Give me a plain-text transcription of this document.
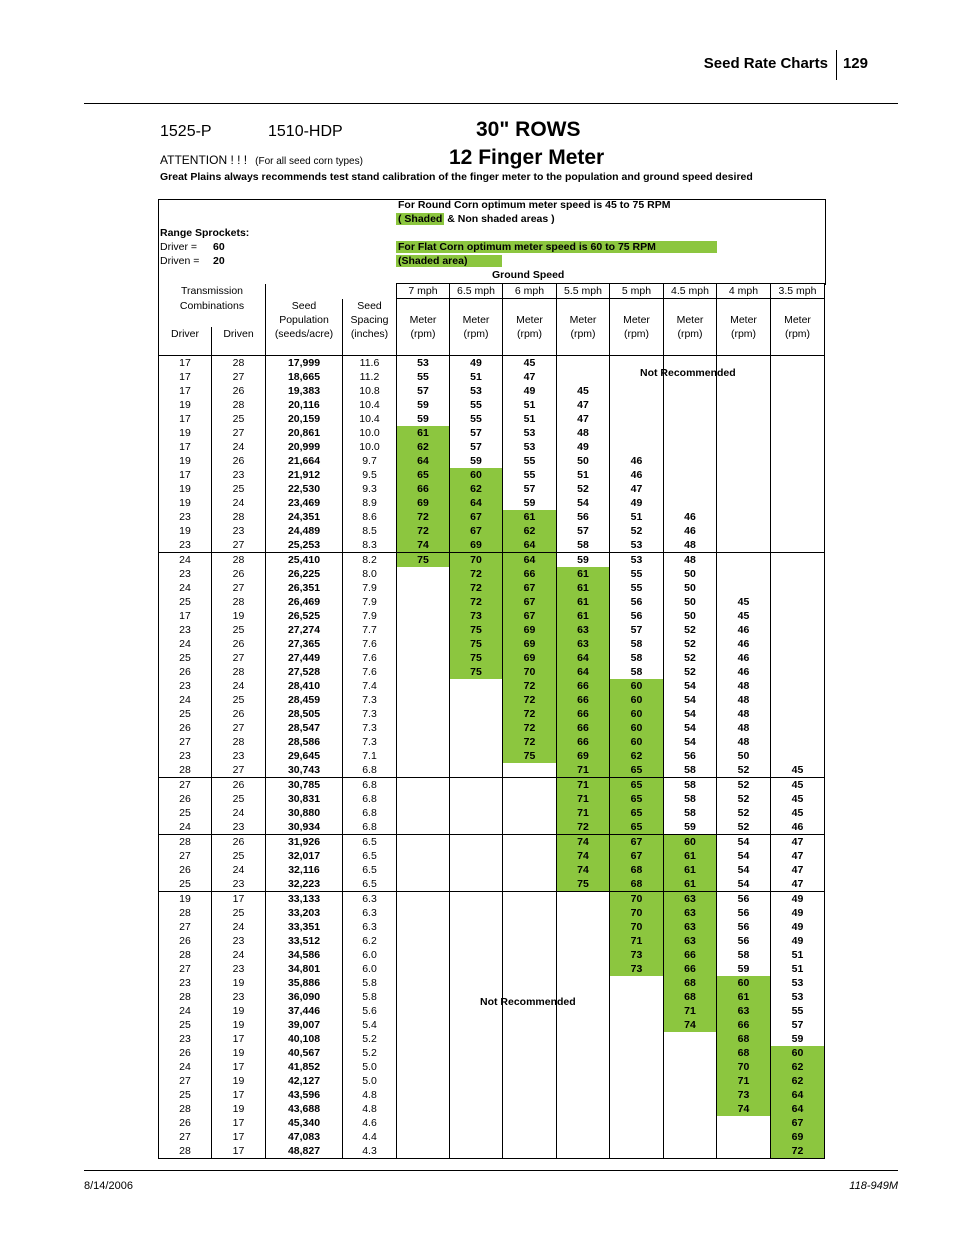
Seed Rate Charts 129
1525-P	1510-HDP	30" ROWS
12 Finger Meter
ATTENTION ! ! ! (For all seed corn types)
Great Plains always recommends test stand calibration of the finger meter to the population and ground speed desired
For Round Corn optimum meter speed is 45 to 75 RPM
( Shaded & Non shaded areas )
For Flat Corn optimum meter speed is 60 to 75 RPM
(Shaded area)
Range Sprockets:
Driver = 60
Driven = 20
Ground Speed
Transmission				7 mph	6.5 mph	6 mph	5.5 mph	5 mph	4.5 mph	4 mph	3.5 mph
Combinations		Seed	Seed								
		Population	Spacing	Meter	Meter	Meter	Meter	Meter	Meter	Meter	Meter
Driver	Driven	(seeds/acre)	(inches)	(rpm)	(rpm)	(rpm)	(rpm)	(rpm)	(rpm)	(rpm)	(rpm)

17	28	17,999	11.6	53	49	45					
17	27	18,665	11.2	55	51	47					
17	26	19,383	10.8	57	53	49	45				
19	28	20,116	10.4	59	55	51	47				
17	25	20,159	10.4	59	55	51	47				
19	27	20,861	10.0	61	57	53	48				
17	24	20,999	10.0	62	57	53	49				
19	26	21,664	9.7	64	59	55	50	46			
17	23	21,912	9.5	65	60	55	51	46			
19	25	22,530	9.3	66	62	57	52	47			
19	24	23,469	8.9	69	64	59	54	49			
23	28	24,351	8.6	72	67	61	56	51	46		
19	23	24,489	8.5	72	67	62	57	52	46		
23	27	25,253	8.3	74	69	64	58	53	48		
24	28	25,410	8.2	75	70	64	59	53	48		
23	26	26,225	8.0		72	66	61	55	50		
24	27	26,351	7.9		72	67	61	55	50		
25	28	26,469	7.9		72	67	61	56	50	45	
17	19	26,525	7.9		73	67	61	56	50	45	
23	25	27,274	7.7		75	69	63	57	52	46	
24	26	27,365	7.6		75	69	63	58	52	46	
25	27	27,449	7.6		75	69	64	58	52	46	
26	28	27,528	7.6		75	70	64	58	52	46	
23	24	28,410	7.4			72	66	60	54	48	
24	25	28,459	7.3			72	66	60	54	48	
25	26	28,505	7.3			72	66	60	54	48	
26	27	28,547	7.3			72	66	60	54	48	
27	28	28,586	7.3			72	66	60	54	48	
23	23	29,645	7.1			75	69	62	56	50	
28	27	30,743	6.8				71	65	58	52	45
27	26	30,785	6.8				71	65	58	52	45
26	25	30,831	6.8				71	65	58	52	45
25	24	30,880	6.8				71	65	58	52	45
24	23	30,934	6.8				72	65	59	52	46
28	26	31,926	6.5				74	67	60	54	47
27	25	32,017	6.5				74	67	61	54	47
26	24	32,116	6.5				74	68	61	54	47
25	23	32,223	6.5				75	68	61	54	47
19	17	33,133	6.3					70	63	56	49
28	25	33,203	6.3					70	63	56	49
27	24	33,351	6.3					70	63	56	49
26	23	33,512	6.2					71	63	56	49
28	24	34,586	6.0					73	66	58	51
27	23	34,801	6.0					73	66	59	51
23	19	35,886	5.8						68	60	53
28	23	36,090	5.8						68	61	53
24	19	37,446	5.6						71	63	55
25	19	39,007	5.4						74	66	57
23	17	40,108	5.2							68	59
26	19	40,567	5.2							68	60
24	17	41,852	5.0							70	62
27	19	42,127	5.0							71	62
25	17	43,596	4.8							73	64
28	19	43,688	4.8							74	64
26	17	45,340	4.6								67
27	17	47,083	4.4								69
28	17	48,827	4.3								72
Not Recommended
Not Recommended
8/14/2006	118-949M
